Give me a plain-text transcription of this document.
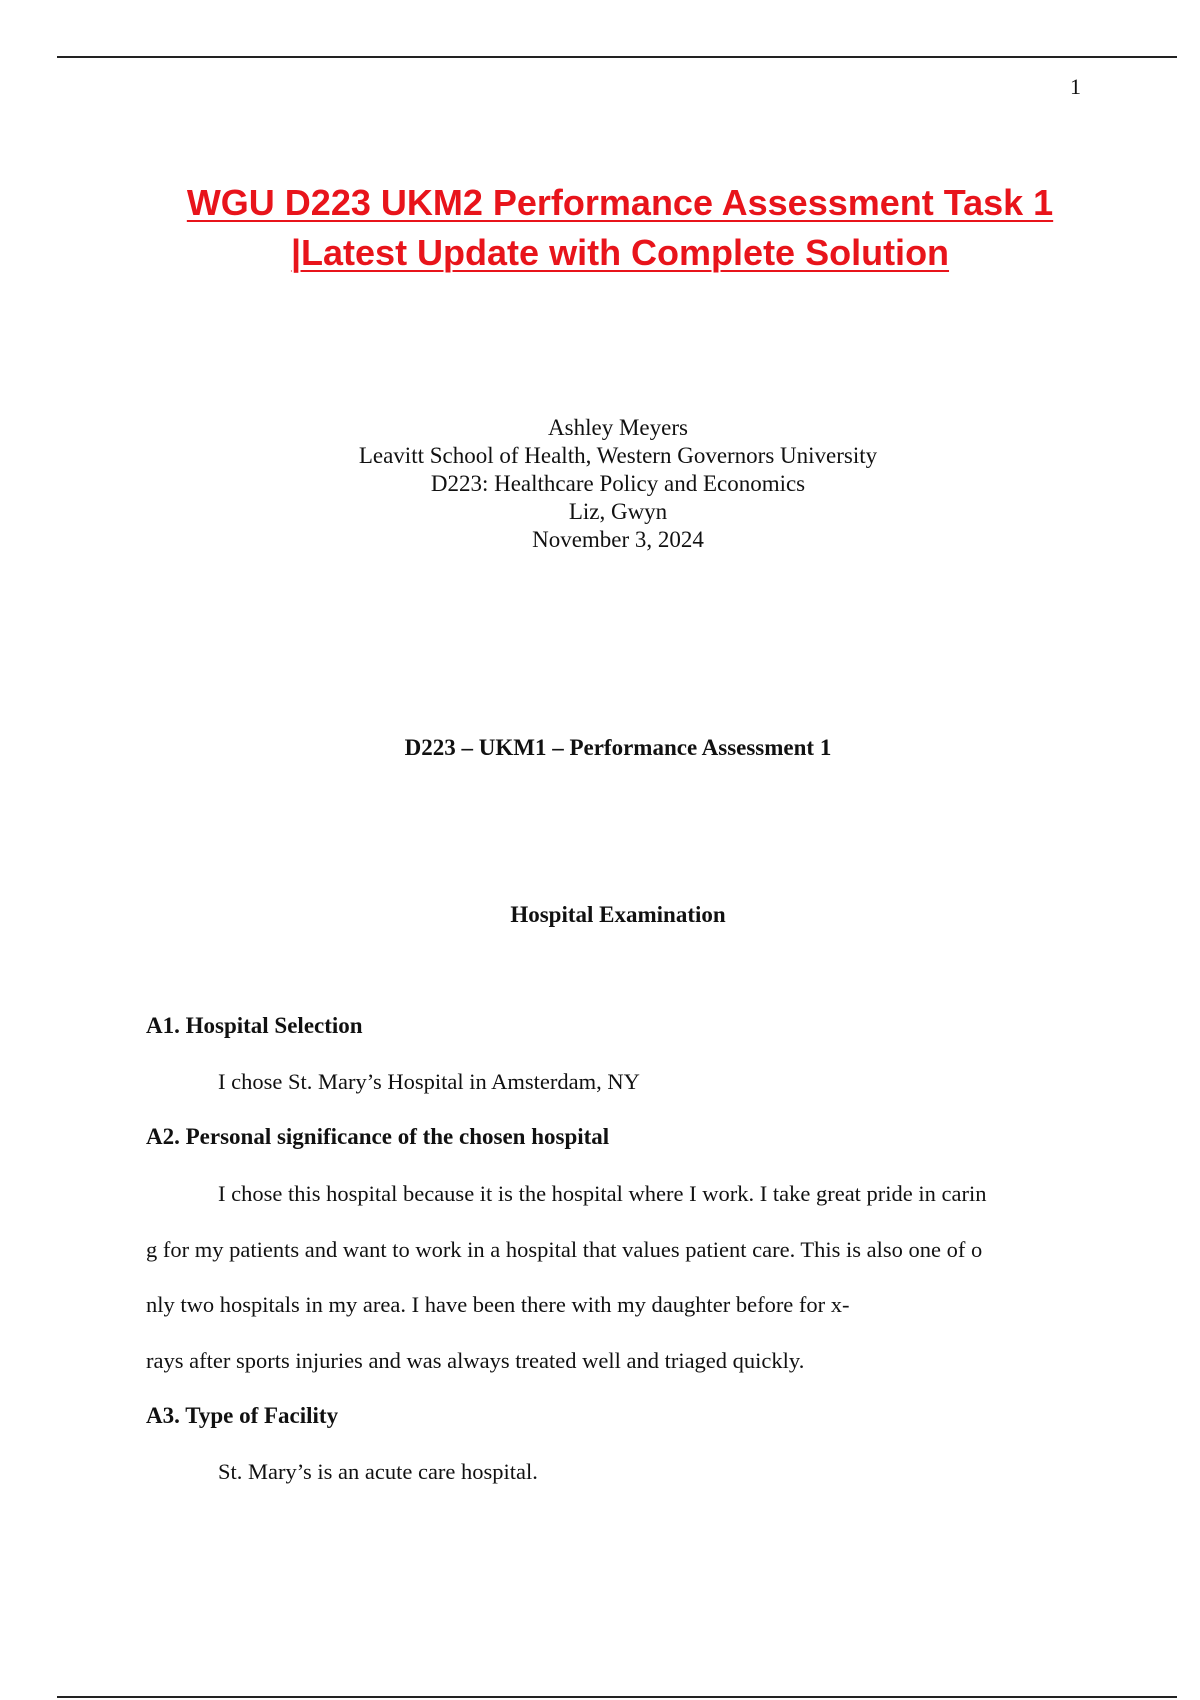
1
WGU D223 UKM2 Performance Assessment Task 1
|Latest Update with Complete Solution
Ashley Meyers
Leavitt School of Health, Western Governors University
D223: Healthcare Policy and Economics
Liz, Gwyn
November 3, 2024
D223 – UKM1 – Performance Assessment 1
Hospital Examination
A1. Hospital Selection
I chose St. Mary’s Hospital in Amsterdam, NY
A2. Personal significance of the chosen hospital
I chose this hospital because it is the hospital where I work. I take great pride in carin
g for my patients and want to work in a hospital that values patient care. This is also one of o
nly two hospitals in my area. I have been there with my daughter before for x-
rays after sports injuries and was always treated well and triaged quickly.
A3. Type of Facility
St. Mary’s is an acute care hospital.
